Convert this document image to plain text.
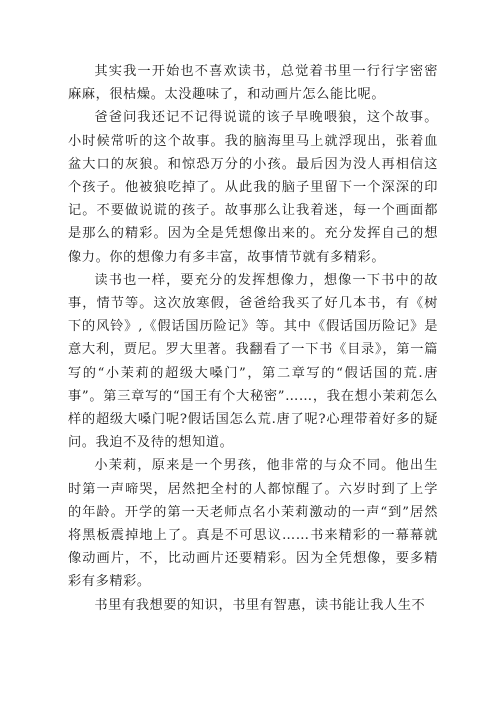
其实我一开始也不喜欢读书，总觉着书里一行行字密密麻麻，很枯燥。太没趣味了，和动画片怎么能比呢。

爸爸问我还记不记得说谎的该子早晚喂狼，这个故事。小时候常听的这个故事。我的脑海里马上就浮现出，张着血盆大口的灰狼。和惊恐万分的小孩。最后因为没人再相信这个孩子。他被狼吃掉了。从此我的脑子里留下一个深深的印记。不要做说谎的孩子。故事那么让我着迷，每一个画面都是那么的精彩。因为全是凭想像出来的。充分发挥自己的想像力。你的想像力有多丰富，故事情节就有多精彩。

读书也一样，要充分的发挥想像力，想像一下书中的故事，情节等。这次放寒假，爸爸给我买了好几本书，有《树下的风铃》,《假话国历险记》等。其中《假话国历险记》是意大利，贾尼。罗大里著。我翻看了一下书《目录》，第一篇写的“小茉莉的超级大嗓门”，第二章写的“假话国的荒.唐事”。第三章写的“国王有个大秘密”……，我在想小茉莉怎么样的超级大嗓门呢?假话国怎么荒.唐了呢?心理带着好多的疑问。我迫不及待的想知道。

小茉莉，原来是一个男孩，他非常的与众不同。他出生时第一声啼哭，居然把全村的人都惊醒了。六岁时到了上学的年龄。开学的第一天老师点名小茉莉激动的一声“到”居然将黑板震掉地上了。真是不可思议……书来精彩的一幕幕就像动画片，不，比动画片还要精彩。因为全凭想像，要多精彩有多精彩。

书里有我想要的知识，书里有智惠，读书能让我人生不
